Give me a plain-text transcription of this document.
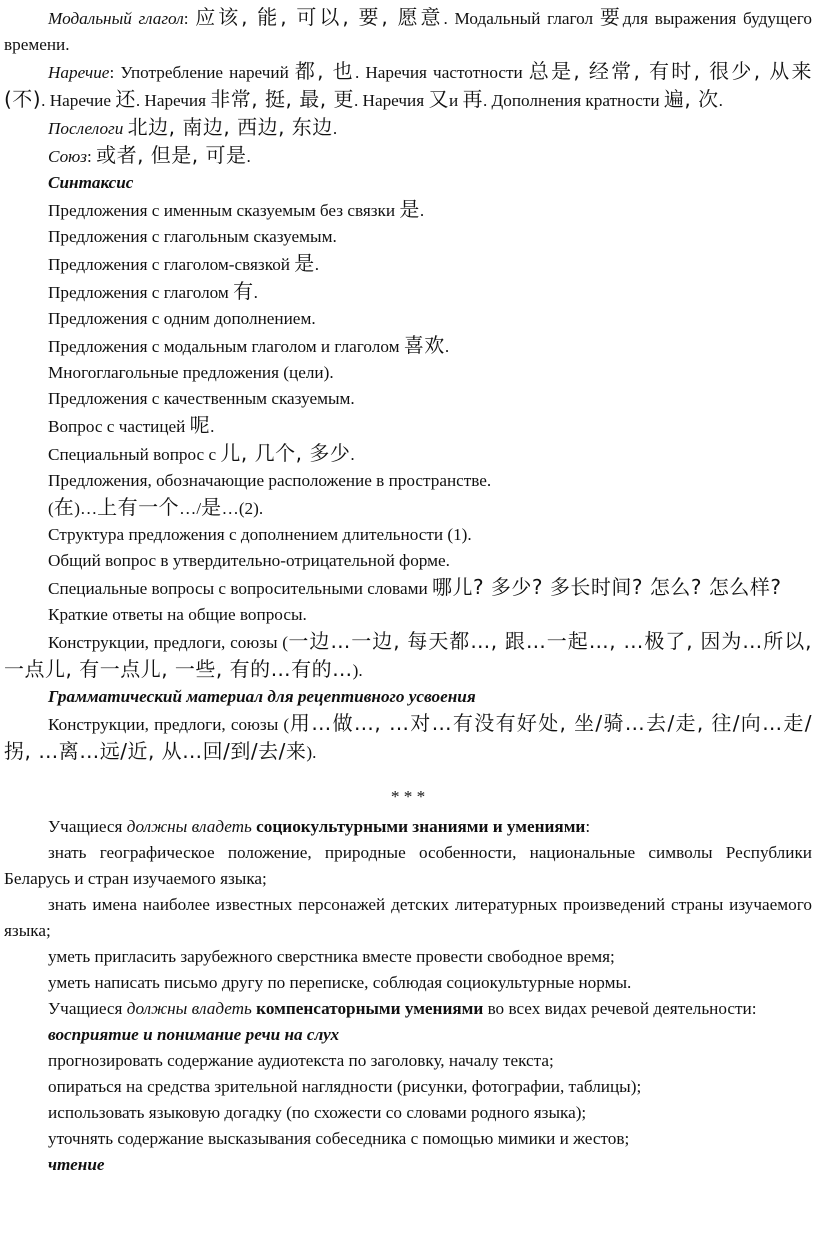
Модальный глагол: 应该, 能, 可以, 要, 愿意. Модальный глагол 要для выражения будущего времени.

Наречие: Употребление наречий 都, 也. Наречия частотности 总是, 经常, 有时, 很少, 从来(不). Наречие 还. Наречия 非常, 挺, 最, 更. Наречия 又и 再. Дополнения кратности 遍, 次.

Послелоги 北边, 南边, 西边, 东边.

Союз: 或者, 但是, 可是.

Синтаксис

Предложения с именным сказуемым без связки 是.

Предложения с глагольным сказуемым.

Предложения с глаголом-связкой 是.

Предложения с глаголом 有.

Предложения с одним дополнением.

Предложения с модальным глаголом и глаголом 喜欢.

Многоглагольные предложения (цели).

Предложения с качественным сказуемым.

Вопрос с частицей 呢.

Специальный вопрос с 儿, 几个, 多少.

Предложения, обозначающие расположение в пространстве.

(在)…上有一个…/是…(2).

Структура предложения с дополнением длительности (1).

Общий вопрос в утвердительно-отрицательной форме.

Специальные вопросы с вопросительными словами 哪儿? 多少? 多长时间? 怎么? 怎么样?

Краткие ответы на общие вопросы.

Конструкции, предлоги, союзы (一边…一边, 每天都…, 跟…一起…, …极了, 因为…所以, 一点儿, 有一点儿, 一些, 有的…有的…).

Грамматический материал для рецептивного усвоения

Конструкции, предлоги, союзы (用…做…, …对…有没有好处, 坐/骑…去/走, 往/向…走/拐, …离…远/近, 从…回/到/去/来).

* * *

Учащиеся должны владеть социокультурными знаниями и умениями:

знать географическое положение, природные особенности, национальные символы Республики Беларусь и стран изучаемого языка;

знать имена наиболее известных персонажей детских литературных произведений страны изучаемого языка;

уметь пригласить зарубежного сверстника вместе провести свободное время;

уметь написать письмо другу по переписке, соблюдая социокультурные нормы.

Учащиеся должны владеть компенсаторными умениями во всех видах речевой деятельности:

восприятие и понимание речи на слух

прогнозировать содержание аудиотекста по заголовку, началу текста;

опираться на средства зрительной наглядности (рисунки, фотографии, таблицы);

использовать языковую догадку (по схожести со словами родного языка);

уточнять содержание высказывания собеседника с помощью мимики и жестов;

чтение
